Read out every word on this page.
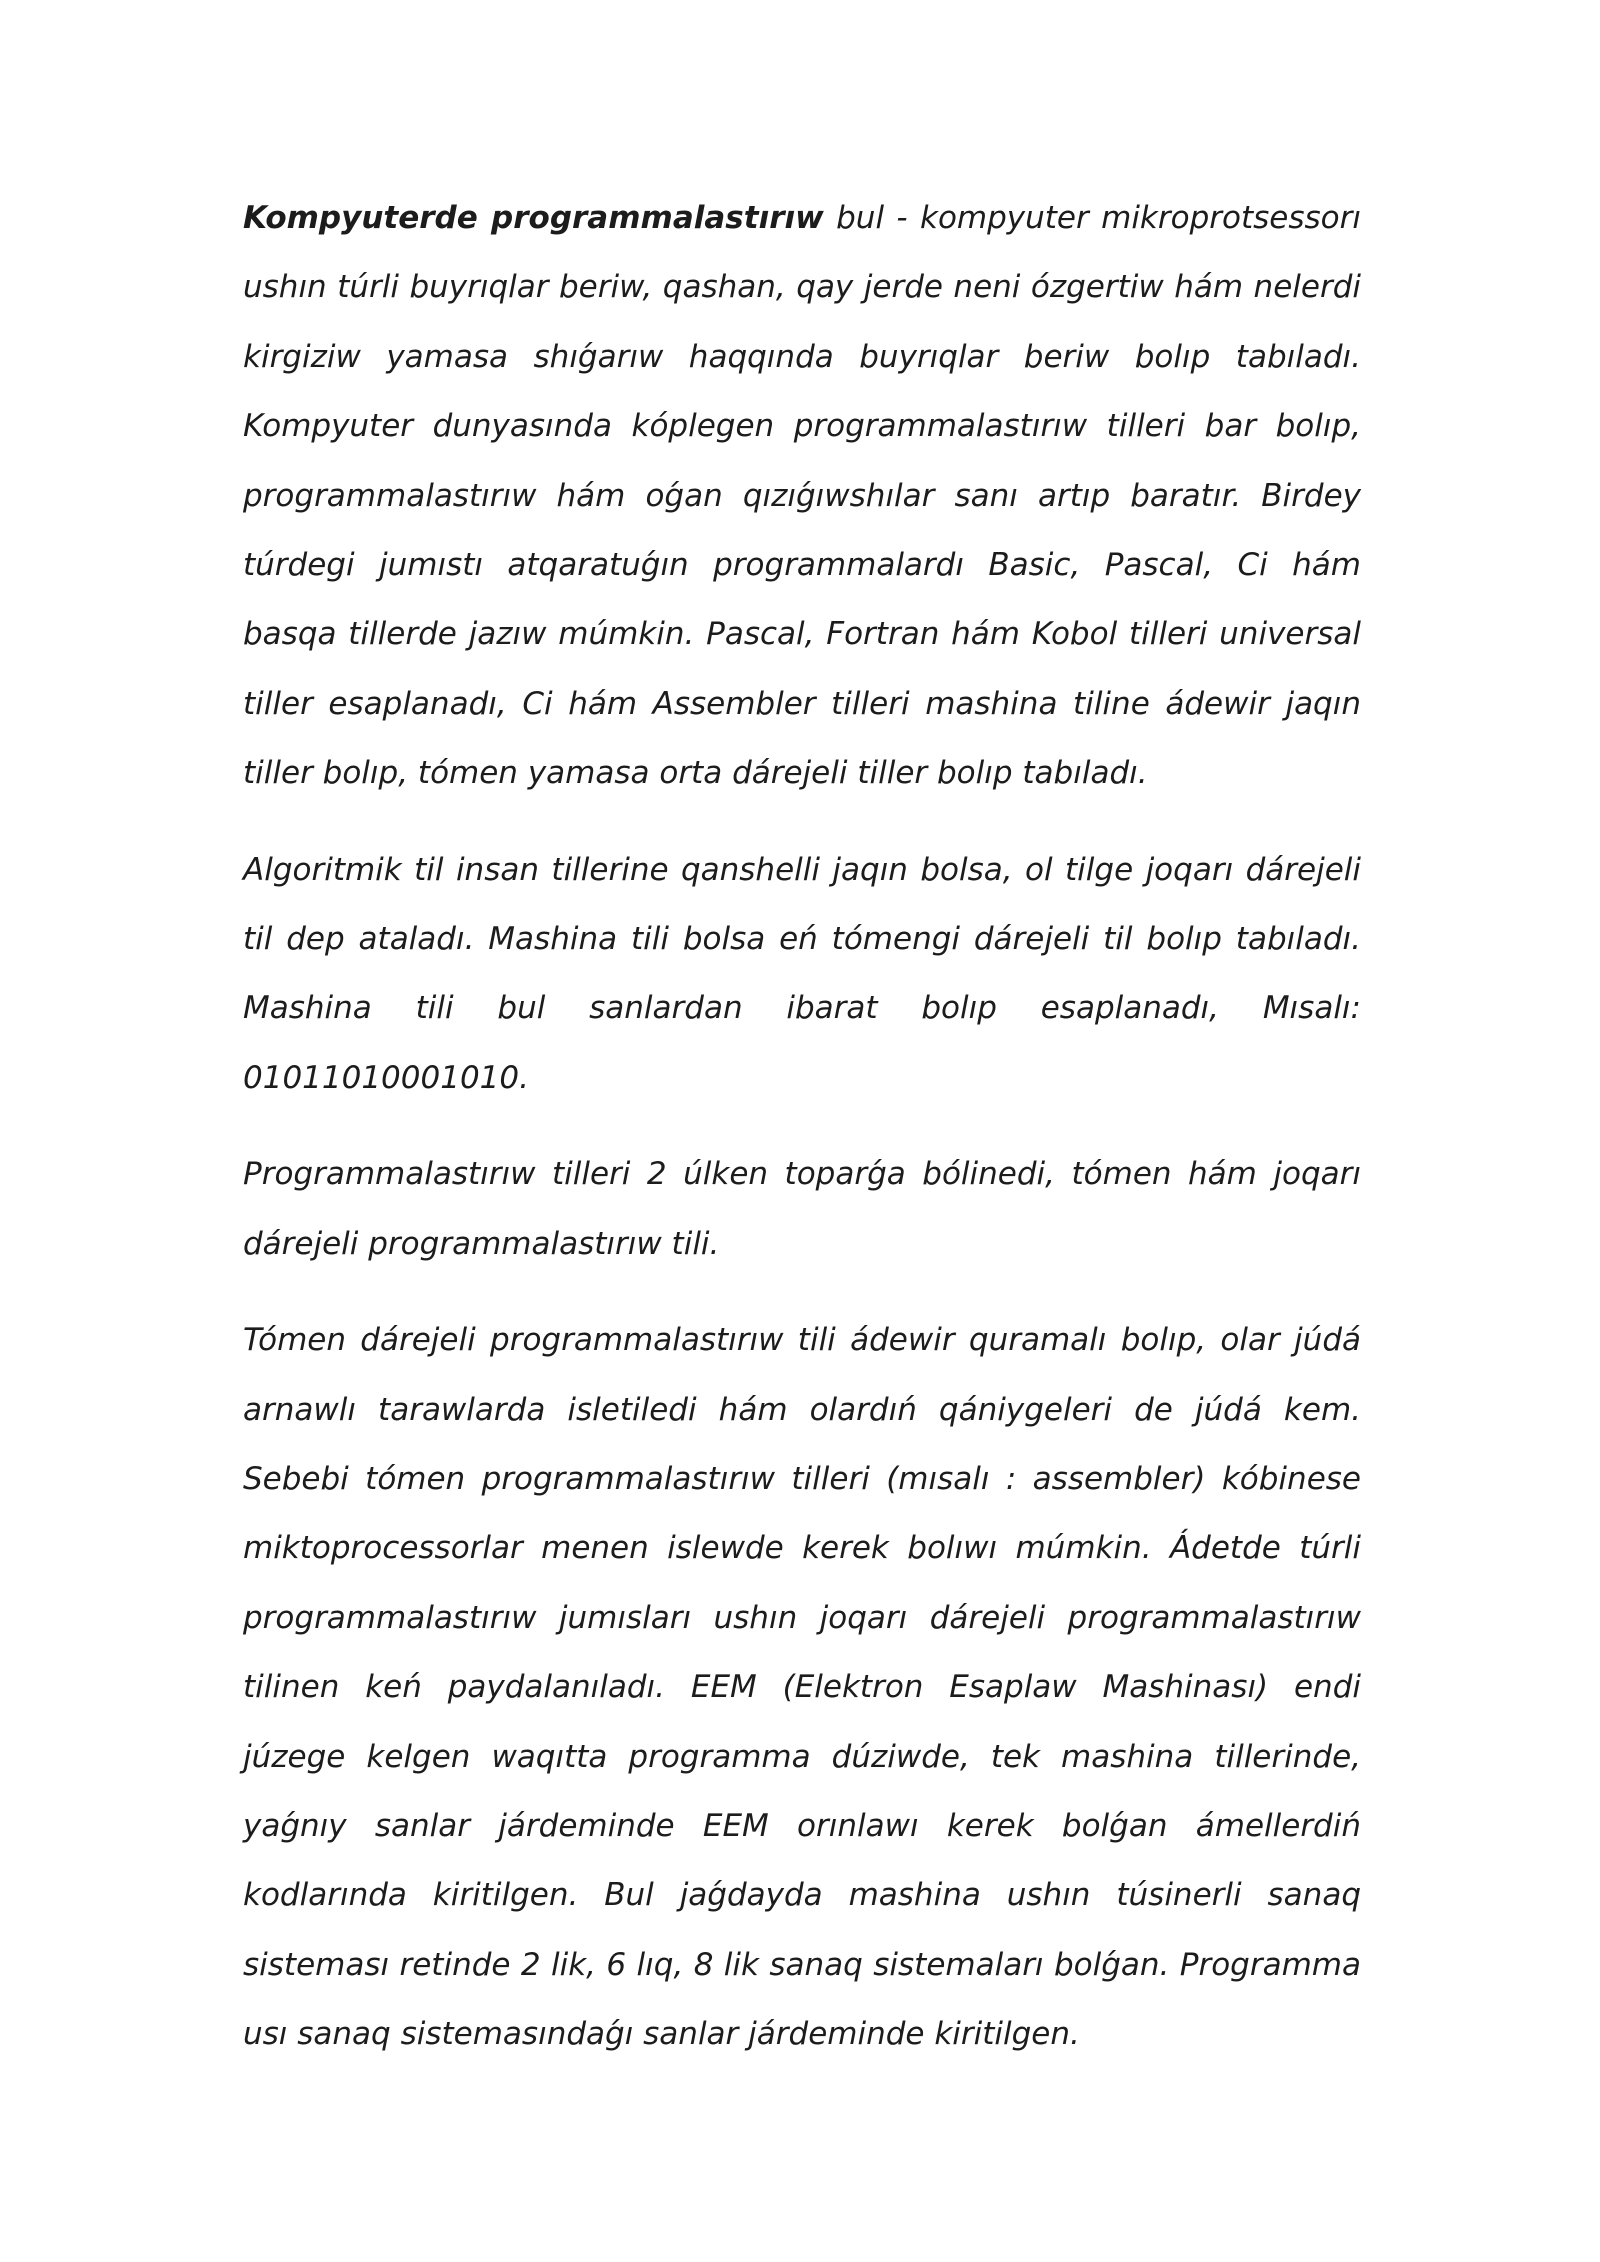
Kompyuterde programmalastırıw bul - kompyuter mikroprotsessorı ushın túrli buyrıqlar beriw, qashan, qay jerde neni ózgertiw hám nelerdi kirgiziw yamasa shıǵarıw haqqında buyrıqlar beriw bolıp tabıladı. Kompyuter dunyasında kóplegen programmalastırıw tilleri bar bolıp, programmalastırıw hám oǵan qızıǵıwshılar sanı artıp baratır. Birdey túrdegi jumıstı atqaratuǵın programmalardı Basic, Pascal, Ci hám basqa tillerde jazıw múmkin. Pascal, Fortran hám Kobol tilleri universal tiller esaplanadı, Ci hám Assembler tilleri mashina tiline ádewir jaqın tiller bolıp, tómen yamasa orta dárejeli tiller bolıp tabıladı.

Algoritmik til insan tillerine qanshelli jaqın bolsa, ol tilge joqarı dárejeli til dep ataladı. Mashina tili bolsa eń tómengi dárejeli til bolıp tabıladı. Mashina tili bul sanlardan ibarat bolıp esaplanadı, Mısalı: 01011010001010.

Programmalastırıw tilleri 2 úlken toparǵa bólinedi, tómen hám joqarı dárejeli programmalastırıw tili.

Tómen dárejeli programmalastırıw tili ádewir quramalı bolıp, olar júdá arnawlı tarawlarda isletiledi hám olardıń qániygeleri de júdá kem. Sebebi tómen programmalastırıw tilleri (mısalı : assembler) kóbinese miktoprocessorlar menen islewde kerek bolıwı múmkin. Ádetde túrli programmalastırıw jumısları ushın joqarı dárejeli programmalastırıw tilinen keń paydalanıladı. EEM (Elektron Esaplaw Mashinası) endi júzege kelgen waqıtta programma dúziwde, tek mashina tillerinde, yaǵnıy sanlar járdeminde EEM orınlawı kerek bolǵan ámellerdiń kodlarında kiritilgen. Bul jaǵdayda mashina ushın túsinerli sanaq sisteması retinde 2 lik, 6 lıq, 8 lik sanaq sistemaları bolǵan. Programma usı sanaq sistemasındaǵı sanlar járdeminde kiritilgen.
